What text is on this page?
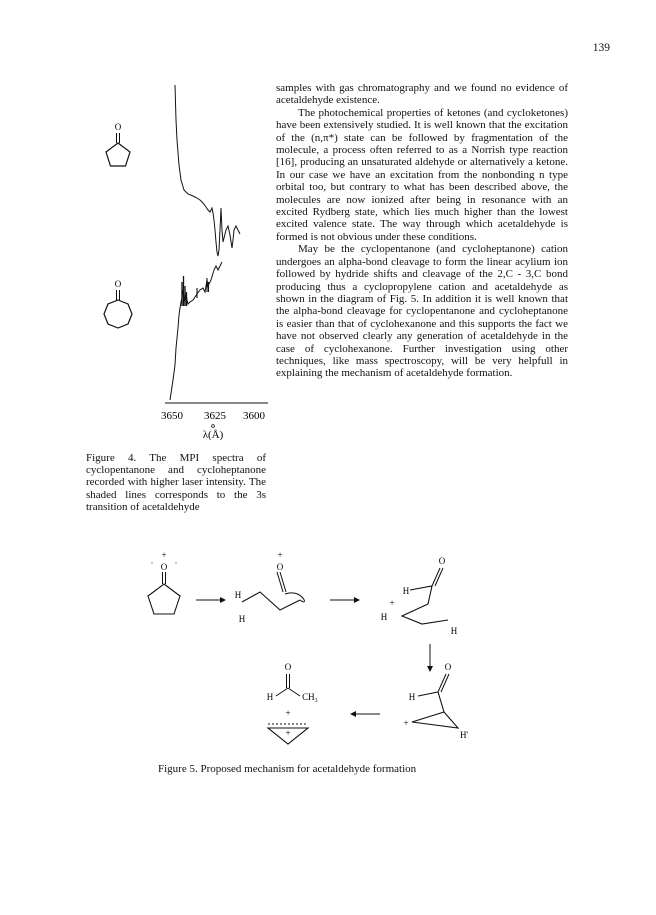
139
O
O
3650 3625 3600
λ(Å)

Figure 4. The MPI spectra of cyclopentanone and cycloheptanone recorded with higher laser intensity. The shaded lines corresponds to the 3s transition of acetaldehyde

samples with gas chromatography and we found no evidence of acetaldehyde existence.

The photochemical properties of ketones (and cycloketones) have been extensively studied. It is well known that the excitation of the (n,π*) state can be followed by fragmentation of the molecule, a process often referred to as a Norrish type reaction [16], producing an unsaturated aldehyde or alternatively a ketone. In our case we have an excitation from the nonbonding n type orbital too, but contrary to what has been described above, the molecules are now ionized after being in resonance with an excited Rydberg state, which lies much higher than the lowest excited valence state. The way through which acetaldehyde is formed is not obvious under these conditions.

May be the cyclopentanone (and cycloheptanone) cation undergoes an alpha-bond cleavage to form the linear acylium ion followed by hydride shifts and cleavage of the 2,C - 3,C bond producing thus a cyclopropylene cation and acetaldehyde as shown in the diagram of Fig. 5. In addition it is well known that the alpha-bond cleavage for cyclopentanone and cycloheptanone is easier than that of cyclohexanone and this supports the fact we have not observed clearly any generation of acetaldehyde in the case of cyclohexanone. Further investigation using other techniques, like mass spectroscopy, will be very helpfull in explaining the mechanism of acetaldehyde formation.

+
· ·
O
+
O
H
H
O
H
+
H
H
O
H
+
H'
O
H	CH₃
+
+

Figure 5. Proposed mechanism for acetaldehyde formation
